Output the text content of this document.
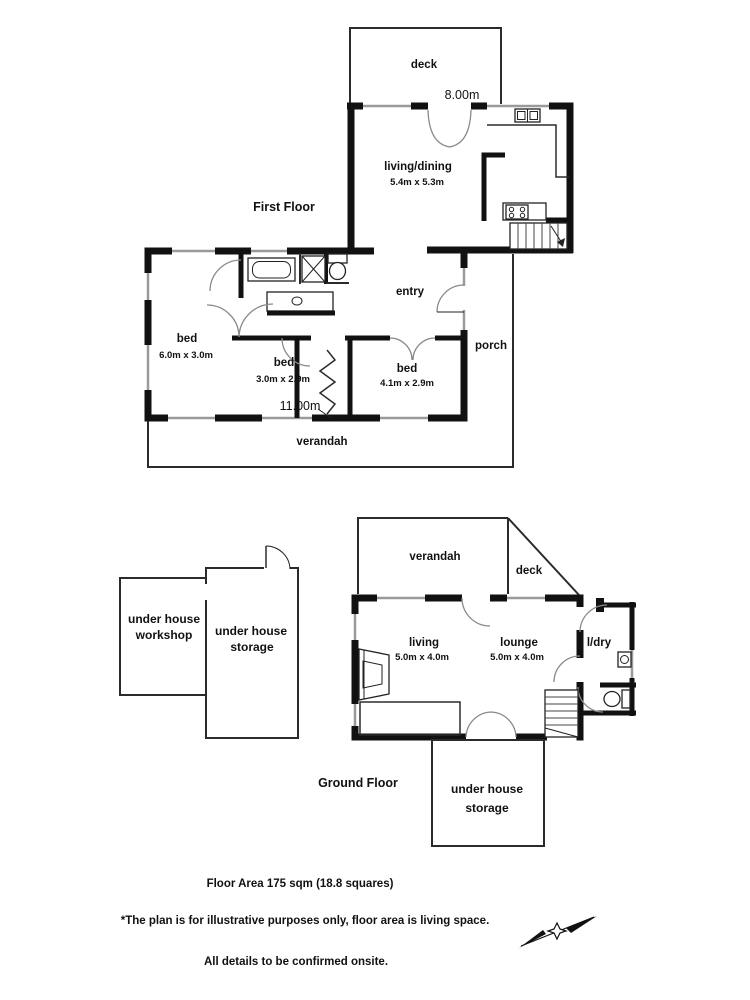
deck
8.00m
living/dining
5.4m x 5.3m
First Floor
entry
porch
bed
6.0m x 3.0m
bed
3.0m x 2.9m
bed
4.1m x 2.9m
11.00m
verandah
under house
workshop under house
storage
verandah
deck
living
5.0m x 4.0m
lounge
5.0m x 4.0m
l/dry
Ground Floor	under house
storage
Floor Area 175 sqm (18.8 squares)
*The plan is for illustrative purposes only, floor area is living space.
All details to be confirmed onsite.
